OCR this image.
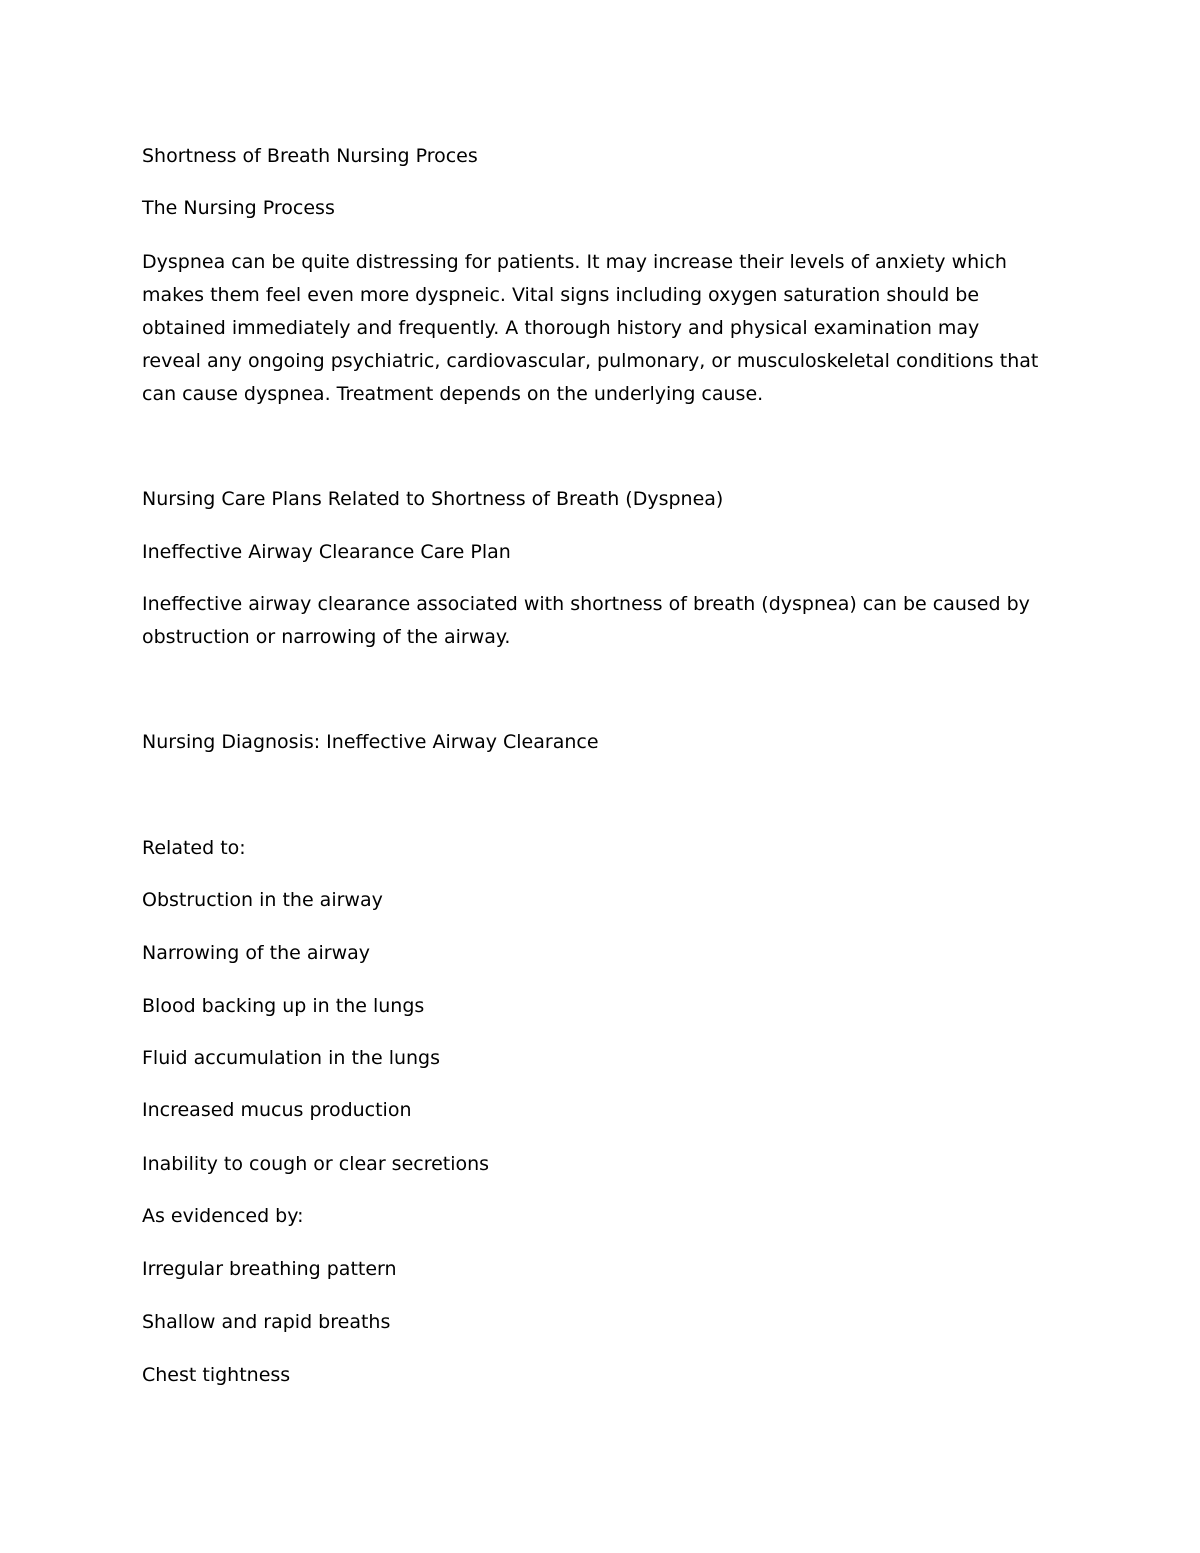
Shortness of Breath Nursing Proces

The Nursing Process

Dyspnea can be quite distressing for patients. It may increase their levels of anxiety which

makes them feel even more dyspneic. Vital signs including oxygen saturation should be

obtained immediately and frequently. A thorough history and physical examination may

reveal any ongoing psychiatric, cardiovascular, pulmonary, or musculoskeletal conditions that

can cause dyspnea. Treatment depends on the underlying cause.

Nursing Care Plans Related to Shortness of Breath (Dyspnea)

Ineffective Airway Clearance Care Plan

Ineffective airway clearance associated with shortness of breath (dyspnea) can be caused by

obstruction or narrowing of the airway.

Nursing Diagnosis: Ineffective Airway Clearance

Related to:

Obstruction in the airway

Narrowing of the airway

Blood backing up in the lungs

Fluid accumulation in the lungs

Increased mucus production

Inability to cough or clear secretions

As evidenced by:

Irregular breathing pattern

Shallow and rapid breaths

Chest tightness
